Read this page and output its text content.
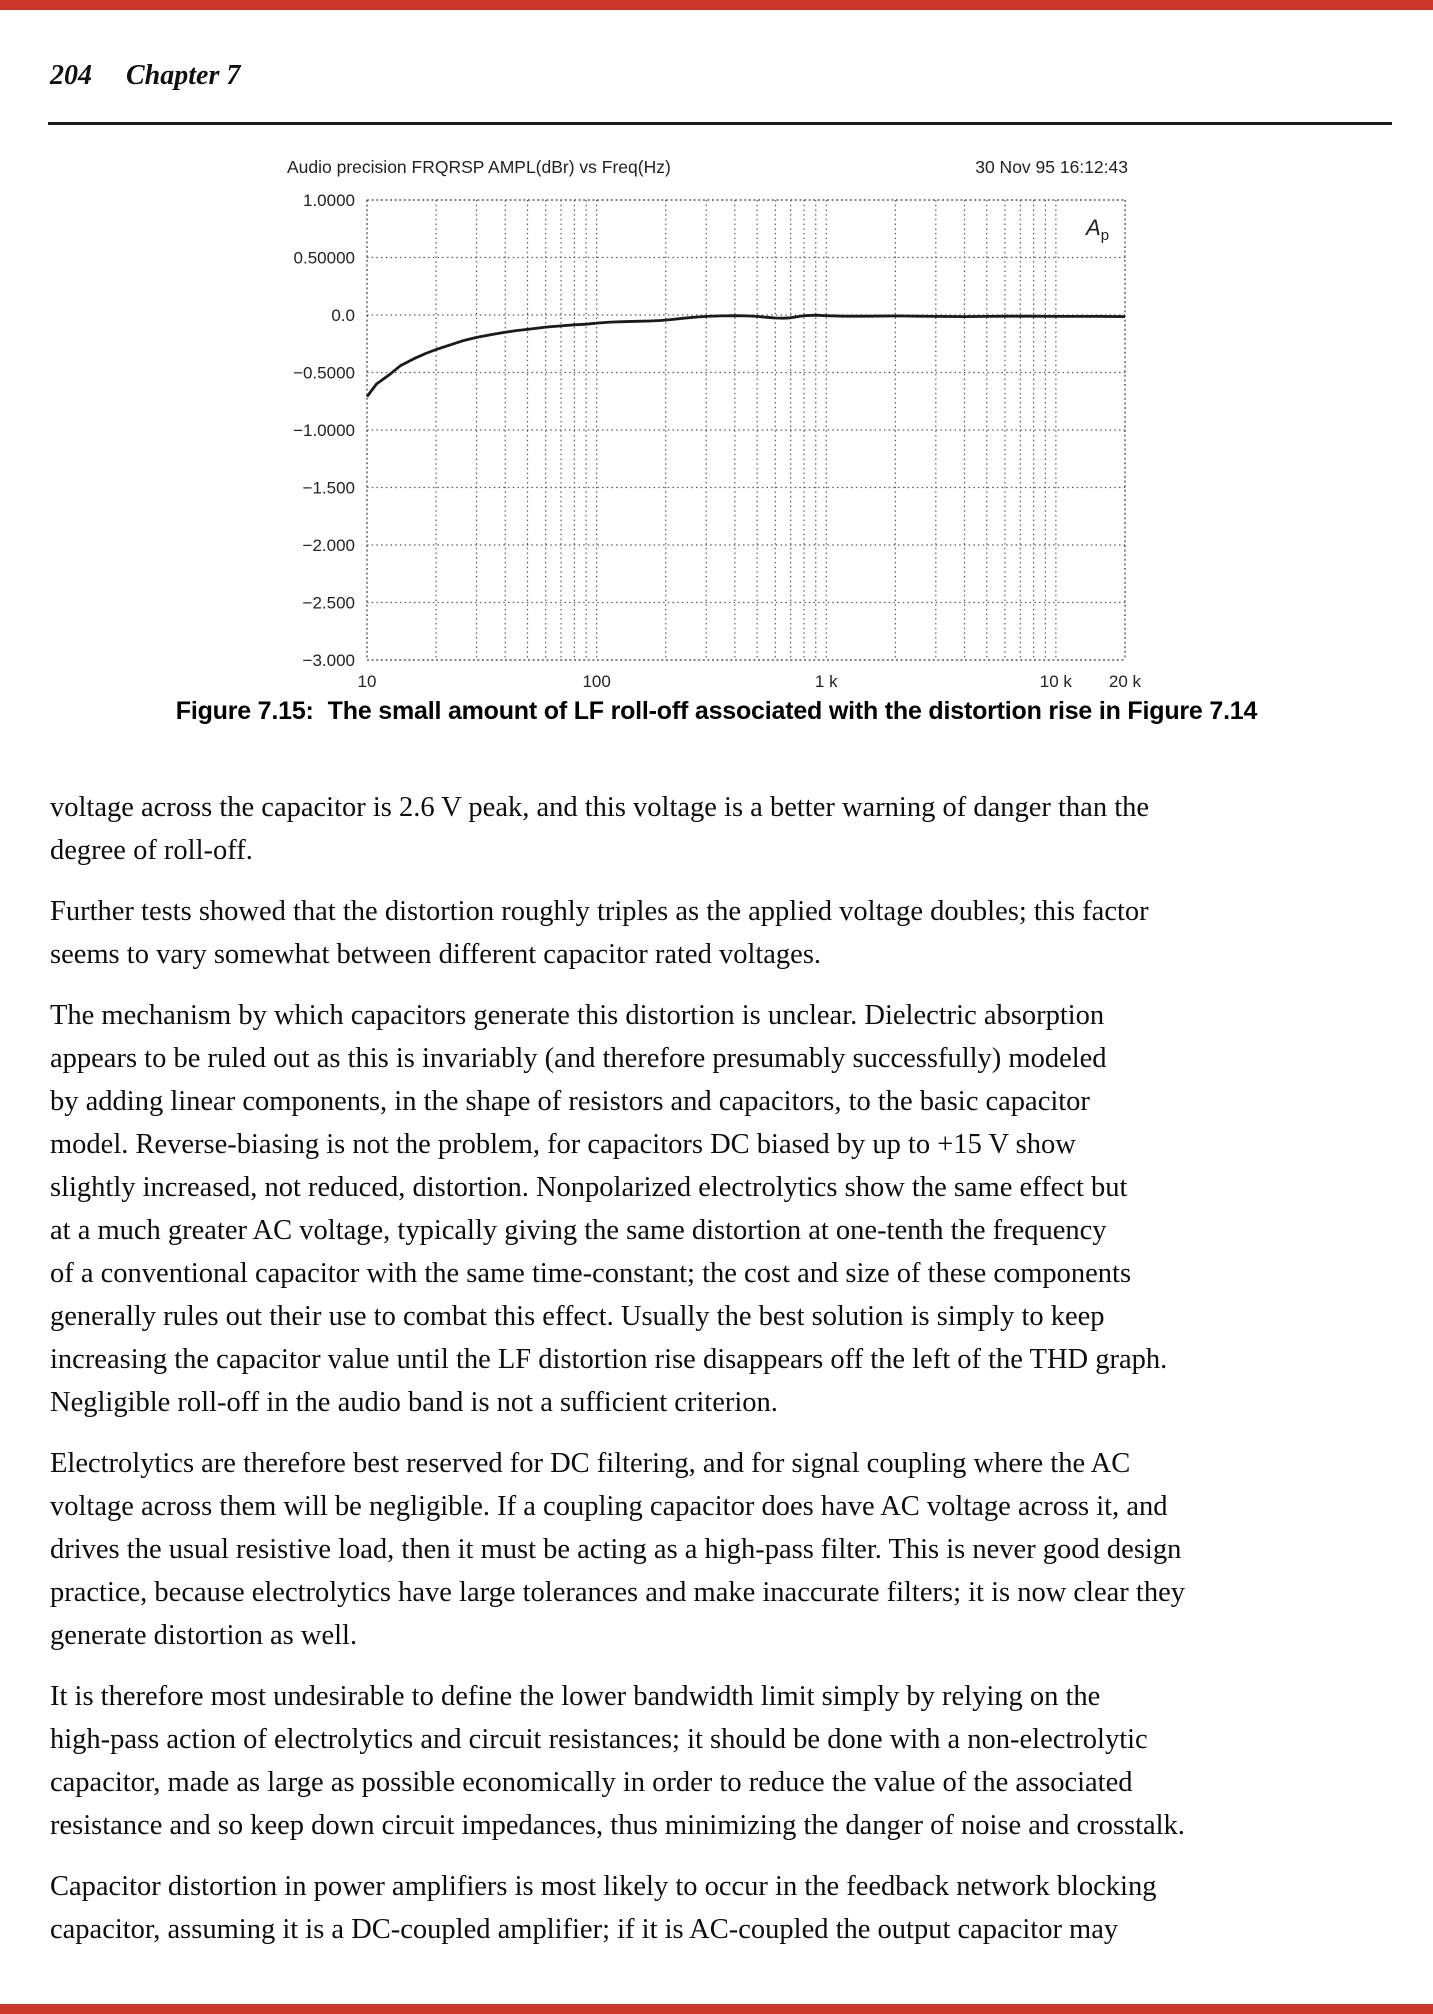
204 Chapter 7
Audio precision FRQRSP AMPL(dBr) vs Freq(Hz)	30 Nov 95 16:12:43
1.0000
0.50000
0.0
−0.5000
−1.0000
−1.500
−2.000
−2.500
−3.000
10	100	1 k	10 k 20 k
$A_p$
Figure 7.15: The small amount of LF roll-off associated with the distortion rise in Figure 7.14
voltage across the capacitor is 2.6 V peak, and this voltage is a better warning of danger than the
degree of roll-off.
Further tests showed that the distortion roughly triples as the applied voltage doubles; this factor
seems to vary somewhat between different capacitor rated voltages.
The mechanism by which capacitors generate this distortion is unclear. Dielectric absorption
appears to be ruled out as this is invariably (and therefore presumably successfully) modeled
by adding linear components, in the shape of resistors and capacitors, to the basic capacitor
model. Reverse-biasing is not the problem, for capacitors DC biased by up to +15 V show
slightly increased, not reduced, distortion. Nonpolarized electrolytics show the same effect but
at a much greater AC voltage, typically giving the same distortion at one-tenth the frequency
of a conventional capacitor with the same time-constant; the cost and size of these components
generally rules out their use to combat this effect. Usually the best solution is simply to keep
increasing the capacitor value until the LF distortion rise disappears off the left of the THD graph.
Negligible roll-off in the audio band is not a sufficient criterion.
Electrolytics are therefore best reserved for DC filtering, and for signal coupling where the AC
voltage across them will be negligible. If a coupling capacitor does have AC voltage across it, and
drives the usual resistive load, then it must be acting as a high-pass filter. This is never good design
practice, because electrolytics have large tolerances and make inaccurate filters; it is now clear they
generate distortion as well.
It is therefore most undesirable to define the lower bandwidth limit simply by relying on the
high-pass action of electrolytics and circuit resistances; it should be done with a non-electrolytic
capacitor, made as large as possible economically in order to reduce the value of the associated
resistance and so keep down circuit impedances, thus minimizing the danger of noise and crosstalk.
Capacitor distortion in power amplifiers is most likely to occur in the feedback network blocking
capacitor, assuming it is a DC-coupled amplifier; if it is AC-coupled the output capacitor may
